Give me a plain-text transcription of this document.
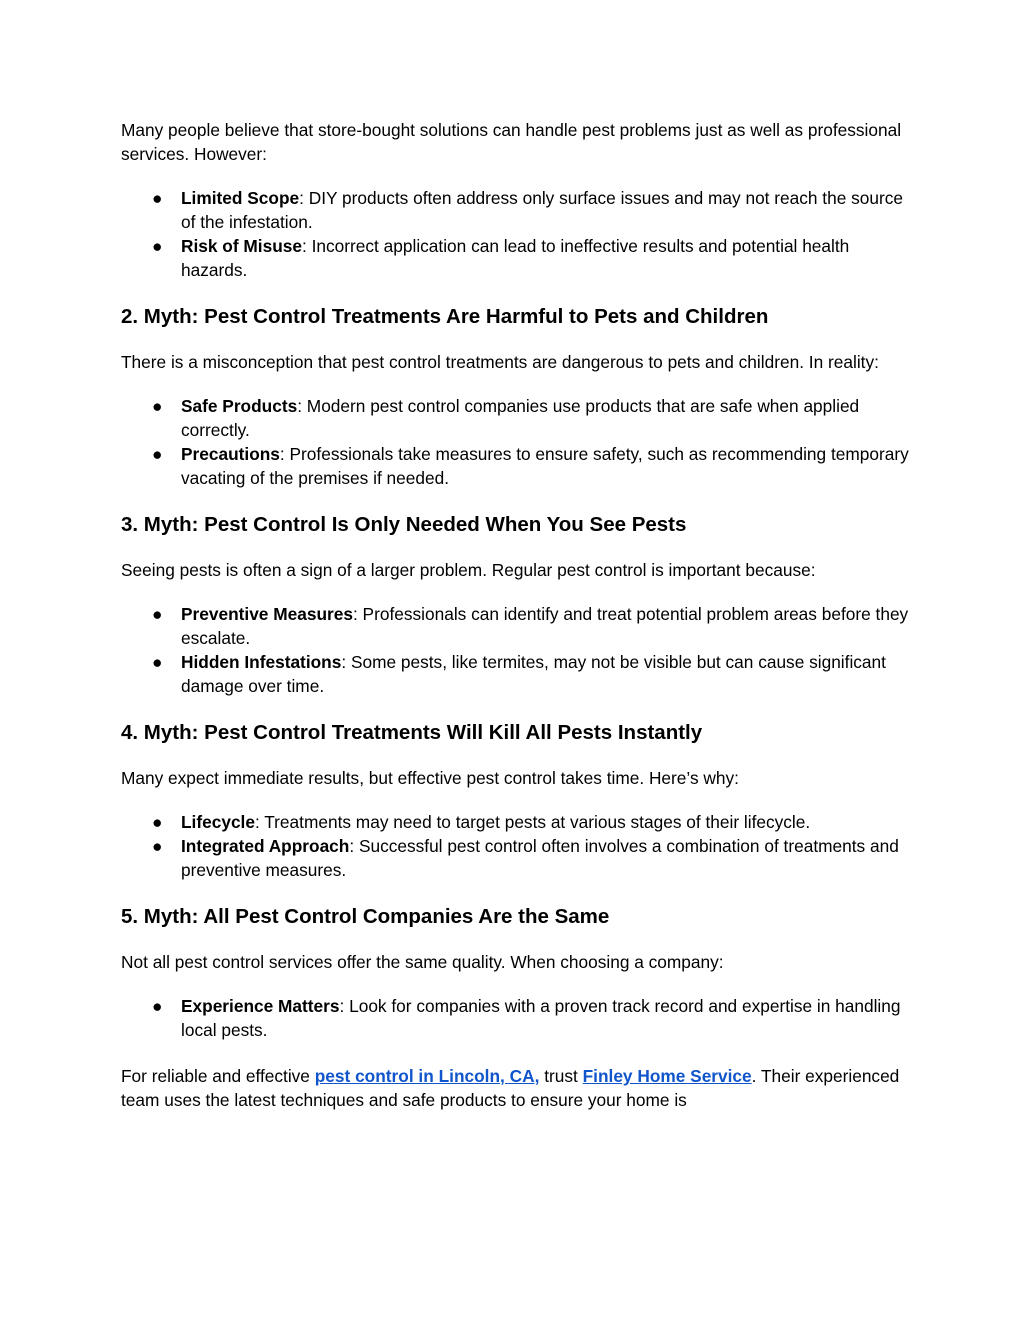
Many people believe that store-bought solutions can handle pest problems just as well as professional services. However:

● Limited Scope: DIY products often address only surface issues and may not reach the source of the infestation.
● Risk of Misuse: Incorrect application can lead to ineffective results and potential health hazards.
2. Myth: Pest Control Treatments Are Harmful to Pets and Children

There is a misconception that pest control treatments are dangerous to pets and children. In reality:

● Safe Products: Modern pest control companies use products that are safe when applied correctly.
● Precautions: Professionals take measures to ensure safety, such as recommending temporary vacating of the premises if needed.
3. Myth: Pest Control Is Only Needed When You See Pests

Seeing pests is often a sign of a larger problem. Regular pest control is important because:

● Preventive Measures: Professionals can identify and treat potential problem areas before they escalate.
● Hidden Infestations: Some pests, like termites, may not be visible but can cause significant damage over time.
4. Myth: Pest Control Treatments Will Kill All Pests Instantly

Many expect immediate results, but effective pest control takes time. Here’s why:

● Lifecycle: Treatments may need to target pests at various stages of their lifecycle.
● Integrated Approach: Successful pest control often involves a combination of treatments and preventive measures.
5. Myth: All Pest Control Companies Are the Same

Not all pest control services offer the same quality. When choosing a company:

● Experience Matters: Look for companies with a proven track record and expertise in handling local pests.

For reliable and effective pest control in Lincoln, CA, trust Finley Home Service. Their experienced team uses the latest techniques and safe products to ensure your home is
